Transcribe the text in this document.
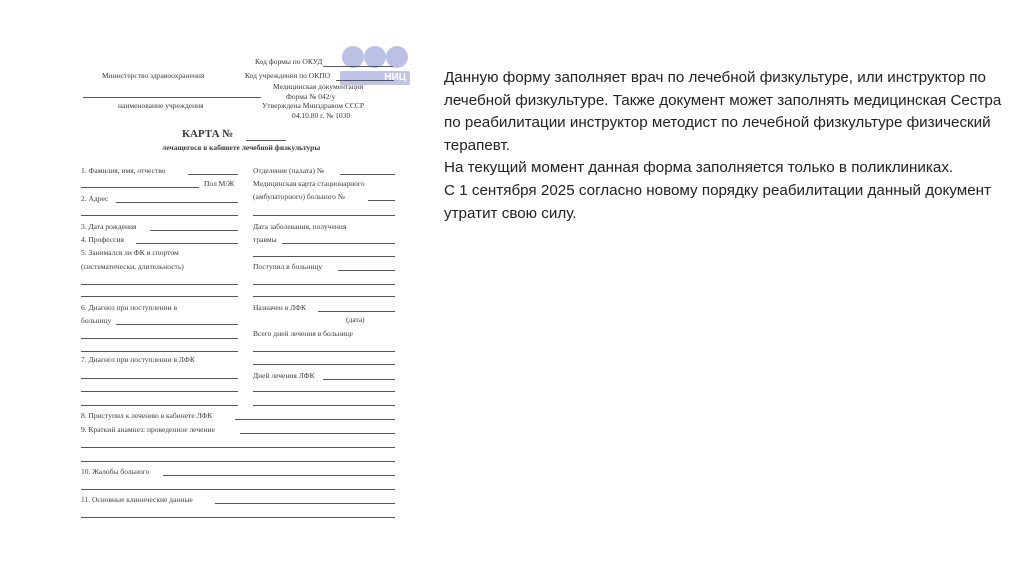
НИЦ
Код формы по ОКУД
Министерство здравоохранения	Код учреждения по ОКПО
Медицинская документация
Форма № 042/у
наименование учреждения	Утверждена Минздравом СССР
04.10.80 г. № 1030
КАРТА №
лечащегося в кабинете лечебной физкультуры
1. Фамилия, имя, отчество
Пол М/Ж
2. Адрес
3. Дата рождения
4. Профессия
5. Занимался ли ФК и спортом
(систематически, длительность)
6. Диагноз при поступлении в
больницу
7. Диагноз при поступлении в ЛФК
Отделение (палата) №
Медицинская карта стационарного
(амбулаторного) больного №
Дата заболевания, получения
травмы
Поступил в больницу
Назначен в ЛФК
(дата)
Всего дней лечения в больнице
Дней лечения ЛФК
8. Приступил к лечению в кабинете ЛФК
9. Краткий анамнез: проведенное лечение
10. Жалобы больного
11. Основные клинические данные

Данную форму заполняет врач по лечебной физкультуре, или инструктор по лечебной физкультуре. Также документ может заполнять медицинская Сестра по реабилитации инструктор методист по лечебной физкультуре физический терапевт.

На текущий момент данная форма заполняется только в поликлиниках.

С 1 сентября 2025 согласно новому порядку реабилитации данный документ утратит свою силу.
